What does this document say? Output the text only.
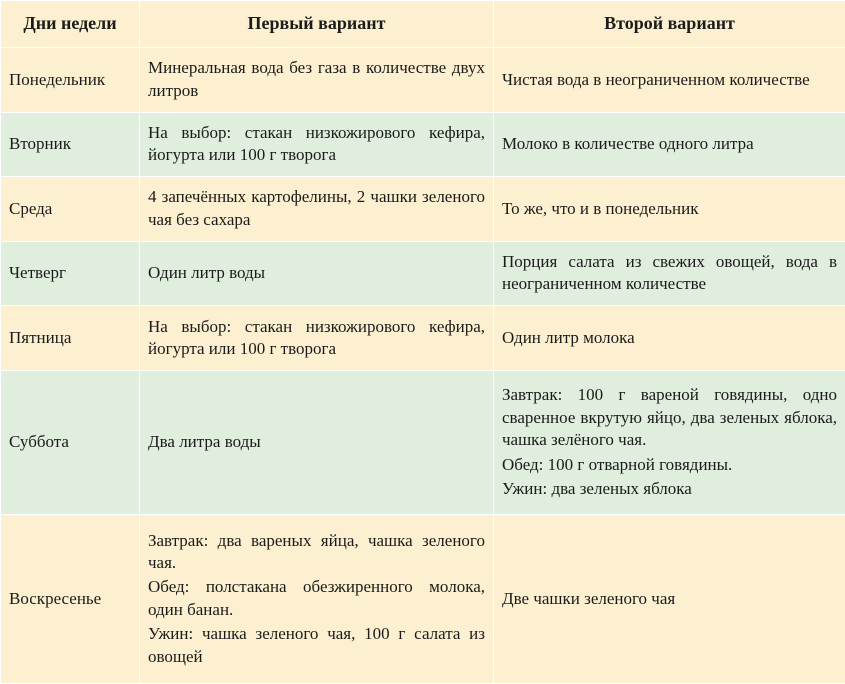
Дни недели	Первый вариант	Второй вариант
Понедельник	Минеральная вода без газа в количестве двух литров	Чистая вода в неограниченном количестве

Вторник	На выбор: стакан низкожирового кефира, йогурта или 100 г творога	Молоко в количестве одного литра

Среда	4 запечённых картофелины, 2 чашки зеленого чая без сахара	То же, что и в понедельник

Четверг	Один литр воды	Порция салата из свежих овощей, вода в неограниченном количестве

Пятница	На выбор: стакан низкожирового кефира, йогурта или 100 г творога	Один литр молока

Суббота	Два литра воды	Завтрак: 100 г вареной говядины, одно сваренное вкрутую яйцо, два зеленых яблока, чашка зелёного чая.
Обед: 100 г отварной говядины.
Ужин: два зеленых яблока

Воскресенье	Завтрак: два вареных яйца, чашка зеленого чая.
Обед: полстакана обезжиренного молока, один банан.
Ужин: чашка зеленого чая, 100 г салата из овощей	Две чашки зеленого чая
